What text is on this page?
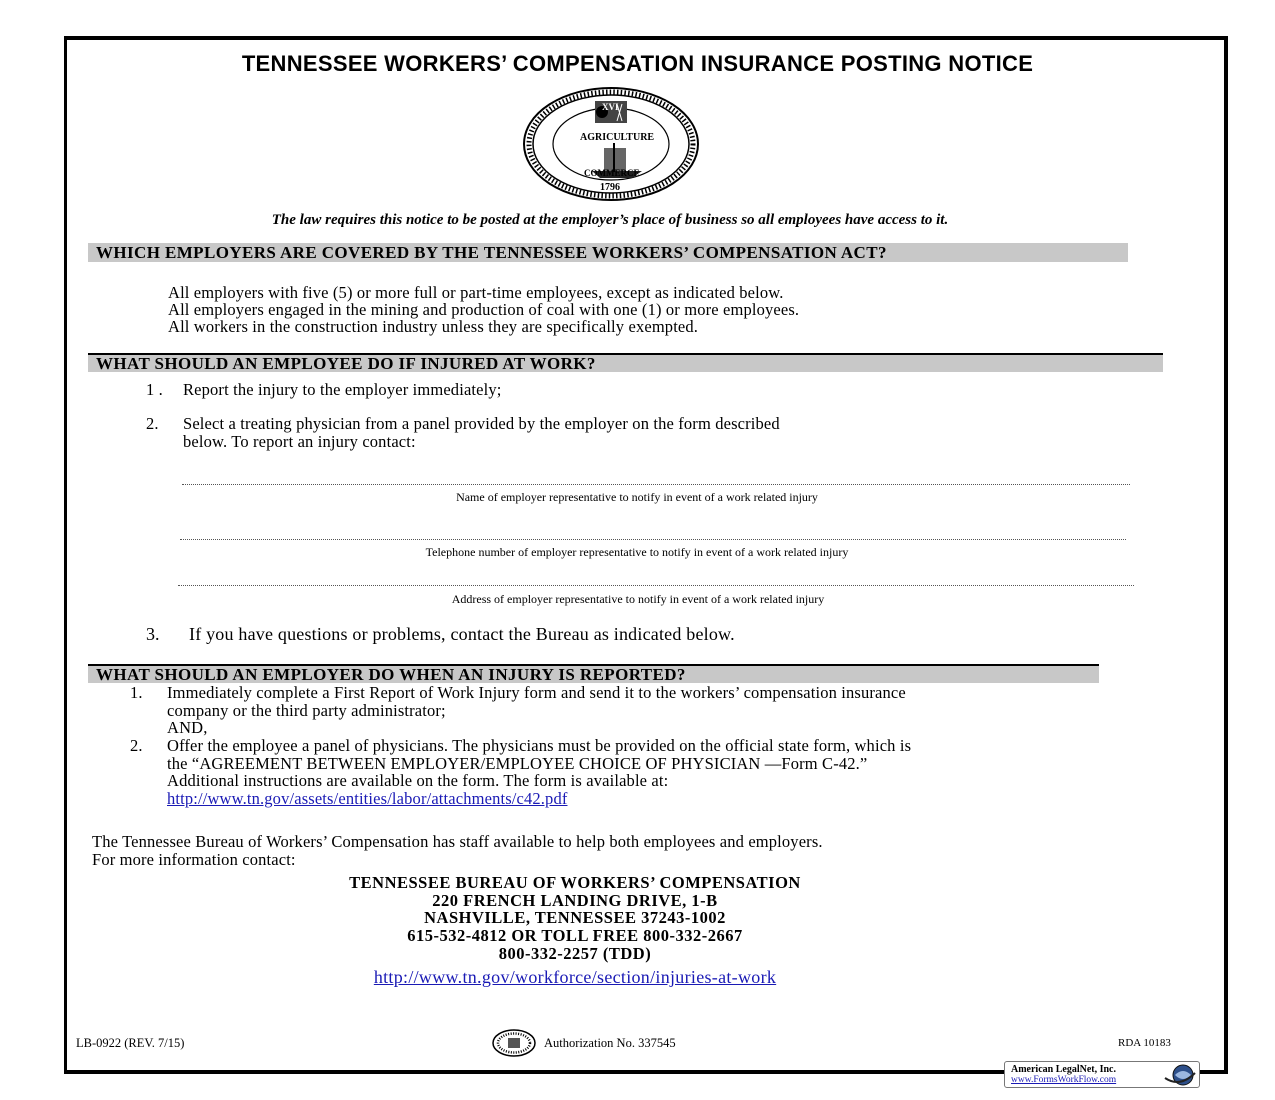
TENNESSEE WORKERS’ COMPENSATION INSURANCE POSTING NOTICE
XVI
AGRICULTURE
COMMERCE
1796
The law requires this notice to be posted at the employer’s place of business so all employees have access to it.
WHICH EMPLOYERS ARE COVERED BY THE TENNESSEE WORKERS’ COMPENSATION ACT?
All employers with five (5) or more full or part-time employees, except as indicated below.
All employers engaged in the mining and production of coal with one (1) or more employees.
All workers in the construction industry unless they are specifically exempted.
WHAT SHOULD AN EMPLOYEE DO IF INJURED AT WORK?
1 . Report the injury to the employer immediately;
2. Select a treating physician from a panel provided by the employer on the form described
below. To report an injury contact:
Name of employer representative to notify in event of a work related injury
Telephone number of employer representative to notify in event of a work related injury
Address of employer representative to notify in event of a work related injury
3. If you have questions or problems, contact the Bureau as indicated below.
WHAT SHOULD AN EMPLOYER DO WHEN AN INJURY IS REPORTED?
1. Immediately complete a First Report of Work Injury form and send it to the workers’ compensation insurance
company or the third party administrator;
AND,
2. Offer the employee a panel of physicians. The physicians must be provided on the official state form, which is
the “AGREEMENT BETWEEN EMPLOYER/EMPLOYEE CHOICE OF PHYSICIAN —Form C-42.”
Additional instructions are available on the form. The form is available at:
http://www.tn.gov/assets/entities/labor/attachments/c42.pdf
The Tennessee Bureau of Workers’ Compensation has staff available to help both employees and employers.
For more information contact:
TENNESSEE BUREAU OF WORKERS’ COMPENSATION
220 FRENCH LANDING DRIVE, 1-B
NASHVILLE, TENNESSEE 37243-1002
615-532-4812 OR TOLL FREE 800-332-2667
800-332-2257 (TDD)
http://www.tn.gov/workforce/section/injuries-at-work
LB-0922 (REV. 7/15)	Authorization No. 337545	RDA 10183
American LegalNet, Inc.
www.FormsWorkFlow.com
